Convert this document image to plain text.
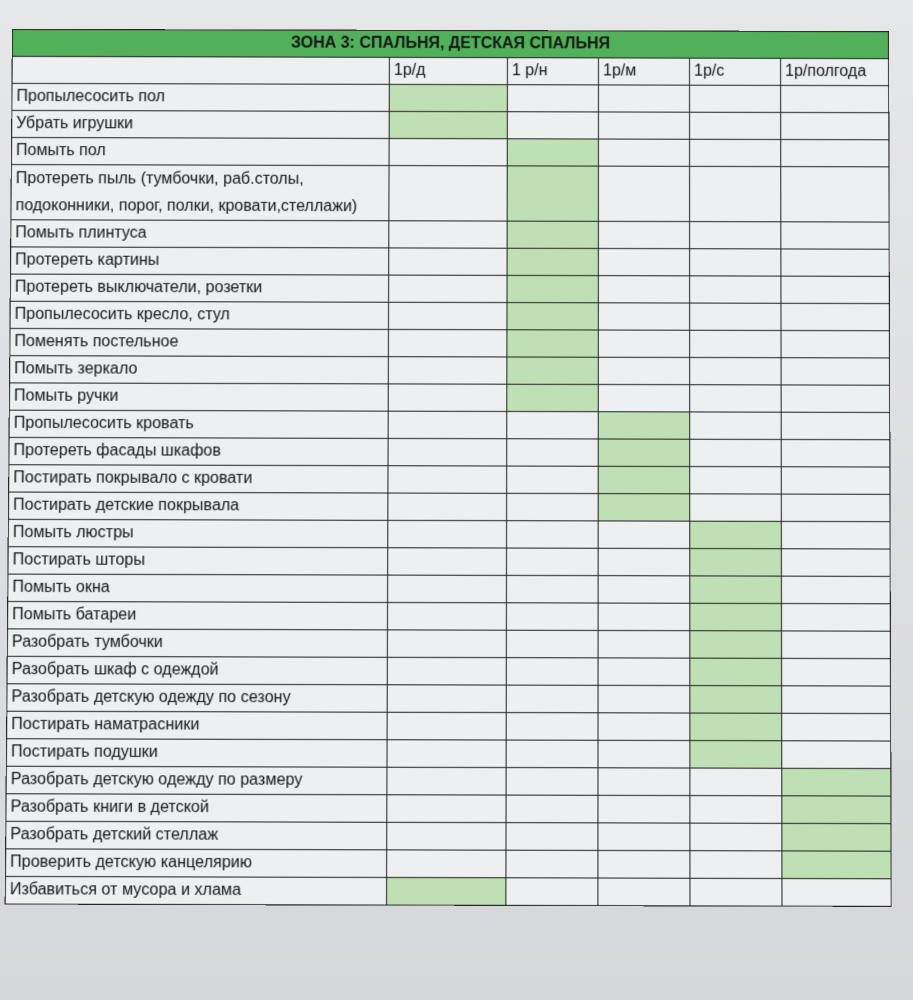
ЗОНА 3: СПАЛЬНЯ, ДЕТСКАЯ СПАЛЬНЯ					
	1р/д	1 р/н	1р/м	1р/с	1р/полгода
Пропылесосить пол					
Убрать игрушки					
Помыть пол					
Протереть пыль (тумбочки, раб.столы, подоконники, порог, полки, кровати,стеллажи)					
Помыть плинтуса					
Протереть картины					
Протереть выключатели, розетки					
Пропылесосить кресло, стул					
Поменять постельное					
Помыть зеркало					
Помыть ручки					
Пропылесосить кровать					
Протереть фасады шкафов					
Постирать покрывало с кровати					
Постирать детские покрывала					
Помыть люстры					
Постирать шторы					
Помыть окна					
Помыть батареи					
Разобрать тумбочки					
Разобрать шкаф с одеждой					
Разобрать детскую одежду по сезону					
Постирать наматрасники					
Постирать подушки					
Разобрать детскую одежду по размеру					
Разобрать книги в детской					
Разобрать детский стеллаж					
Проверить детскую канцелярию					
Избавиться от мусора и хлама					
